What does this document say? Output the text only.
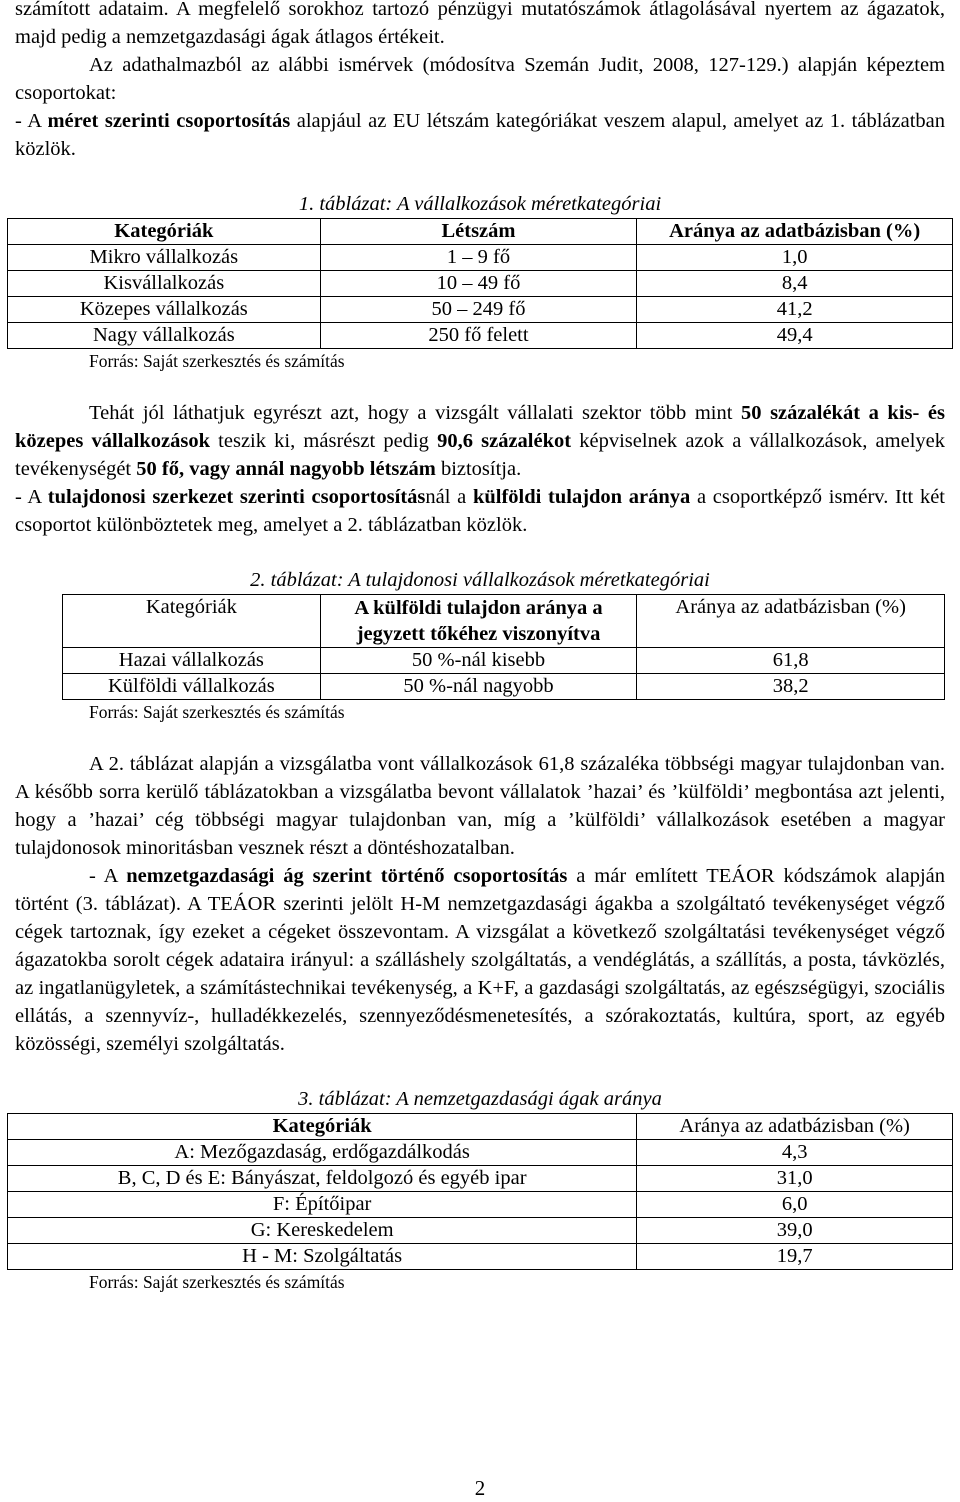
számított adataim. A megfelelő sorokhoz tartozó pénzügyi mutatószámok átlagolásával nyertem az ágazatok, majd pedig a nemzetgazdasági ágak átlagos értékeit.

Az adathalmazból az alábbi ismérvek (módosítva Szemán Judit, 2008, 127-129.) alapján képeztem csoportokat:

- A méret szerinti csoportosítás alapjául az EU létszám kategóriákat veszem alapul, amelyet az 1. táblázatban közlök.

1. táblázat: A vállalkozások méretkategóriai

Kategóriák	Létszám	Aránya az adatbázisban (%)
Mikro vállalkozás	1 – 9 fő	1,0
Kisvállalkozás	10 – 49 fő	8,4
Közepes vállalkozás	50 – 249 fő	41,2
Nagy vállalkozás	250 fő felett	49,4
Forrás: Saját szerkesztés és számítás

Tehát jól láthatjuk egyrészt azt, hogy a vizsgált vállalati szektor több mint 50 százalékát a kis- és közepes vállalkozások teszik ki, másrészt pedig 90,6 százalékot képviselnek azok a vállalkozások, amelyek tevékenységét 50 fő, vagy annál nagyobb létszám biztosítja.

- A tulajdonosi szerkezet szerinti csoportosításnál a külföldi tulajdon aránya a csoportképző ismérv. Itt két csoportot különböztetek meg, amelyet a 2. táblázatban közlök.

2. táblázat: A tulajdonosi vállalkozások méretkategóriai

Kategóriák	A külföldi tulajdon aránya a jegyzett tőkéhez viszonyítva	Aránya az adatbázisban (%)
Hazai vállalkozás	50 %-nál kisebb	61,8
Külföldi vállalkozás	50 %-nál nagyobb	38,2
Forrás: Saját szerkesztés és számítás

A 2. táblázat alapján a vizsgálatba vont vállalkozások 61,8 százaléka többségi magyar tulajdonban van. A később sorra kerülő táblázatokban a vizsgálatba bevont vállalatok ’hazai’ és ’külföldi’ megbontása azt jelenti, hogy a ’hazai’ cég többségi magyar tulajdonban van, míg a ’külföldi’ vállalkozások esetében a magyar tulajdonosok minoritásban vesznek részt a döntéshozatalban.

- A nemzetgazdasági ág szerint történő csoportosítás a már említett TEÁOR kódszámok alapján történt (3. táblázat). A TEÁOR szerinti jelölt H-M nemzetgazdasági ágakba a szolgáltató tevékenységet végző cégek tartoznak, így ezeket a cégeket összevontam. A vizsgálat a következő szolgáltatási tevékenységet végző ágazatokba sorolt cégek adataira irányul: a szálláshely szolgáltatás, a vendéglátás, a szállítás, a posta, távközlés, az ingatlanügyletek, a számítástechnikai tevékenység, a K+F, a gazdasági szolgáltatás, az egészségügyi, szociális ellátás, a szennyvíz-, hulladékkezelés, szennyeződésmenetesítés, a szórakoztatás, kultúra, sport, az egyéb közösségi, személyi szolgáltatás.

3. táblázat: A nemzetgazdasági ágak aránya

Kategóriák	Aránya az adatbázisban (%)
A: Mezőgazdaság, erdőgazdálkodás	4,3
B, C, D és E: Bányászat, feldolgozó és egyéb ipar	31,0
F: Építőipar	6,0
G: Kereskedelem	39,0
H - M: Szolgáltatás	19,7
Forrás: Saját szerkesztés és számítás
2
